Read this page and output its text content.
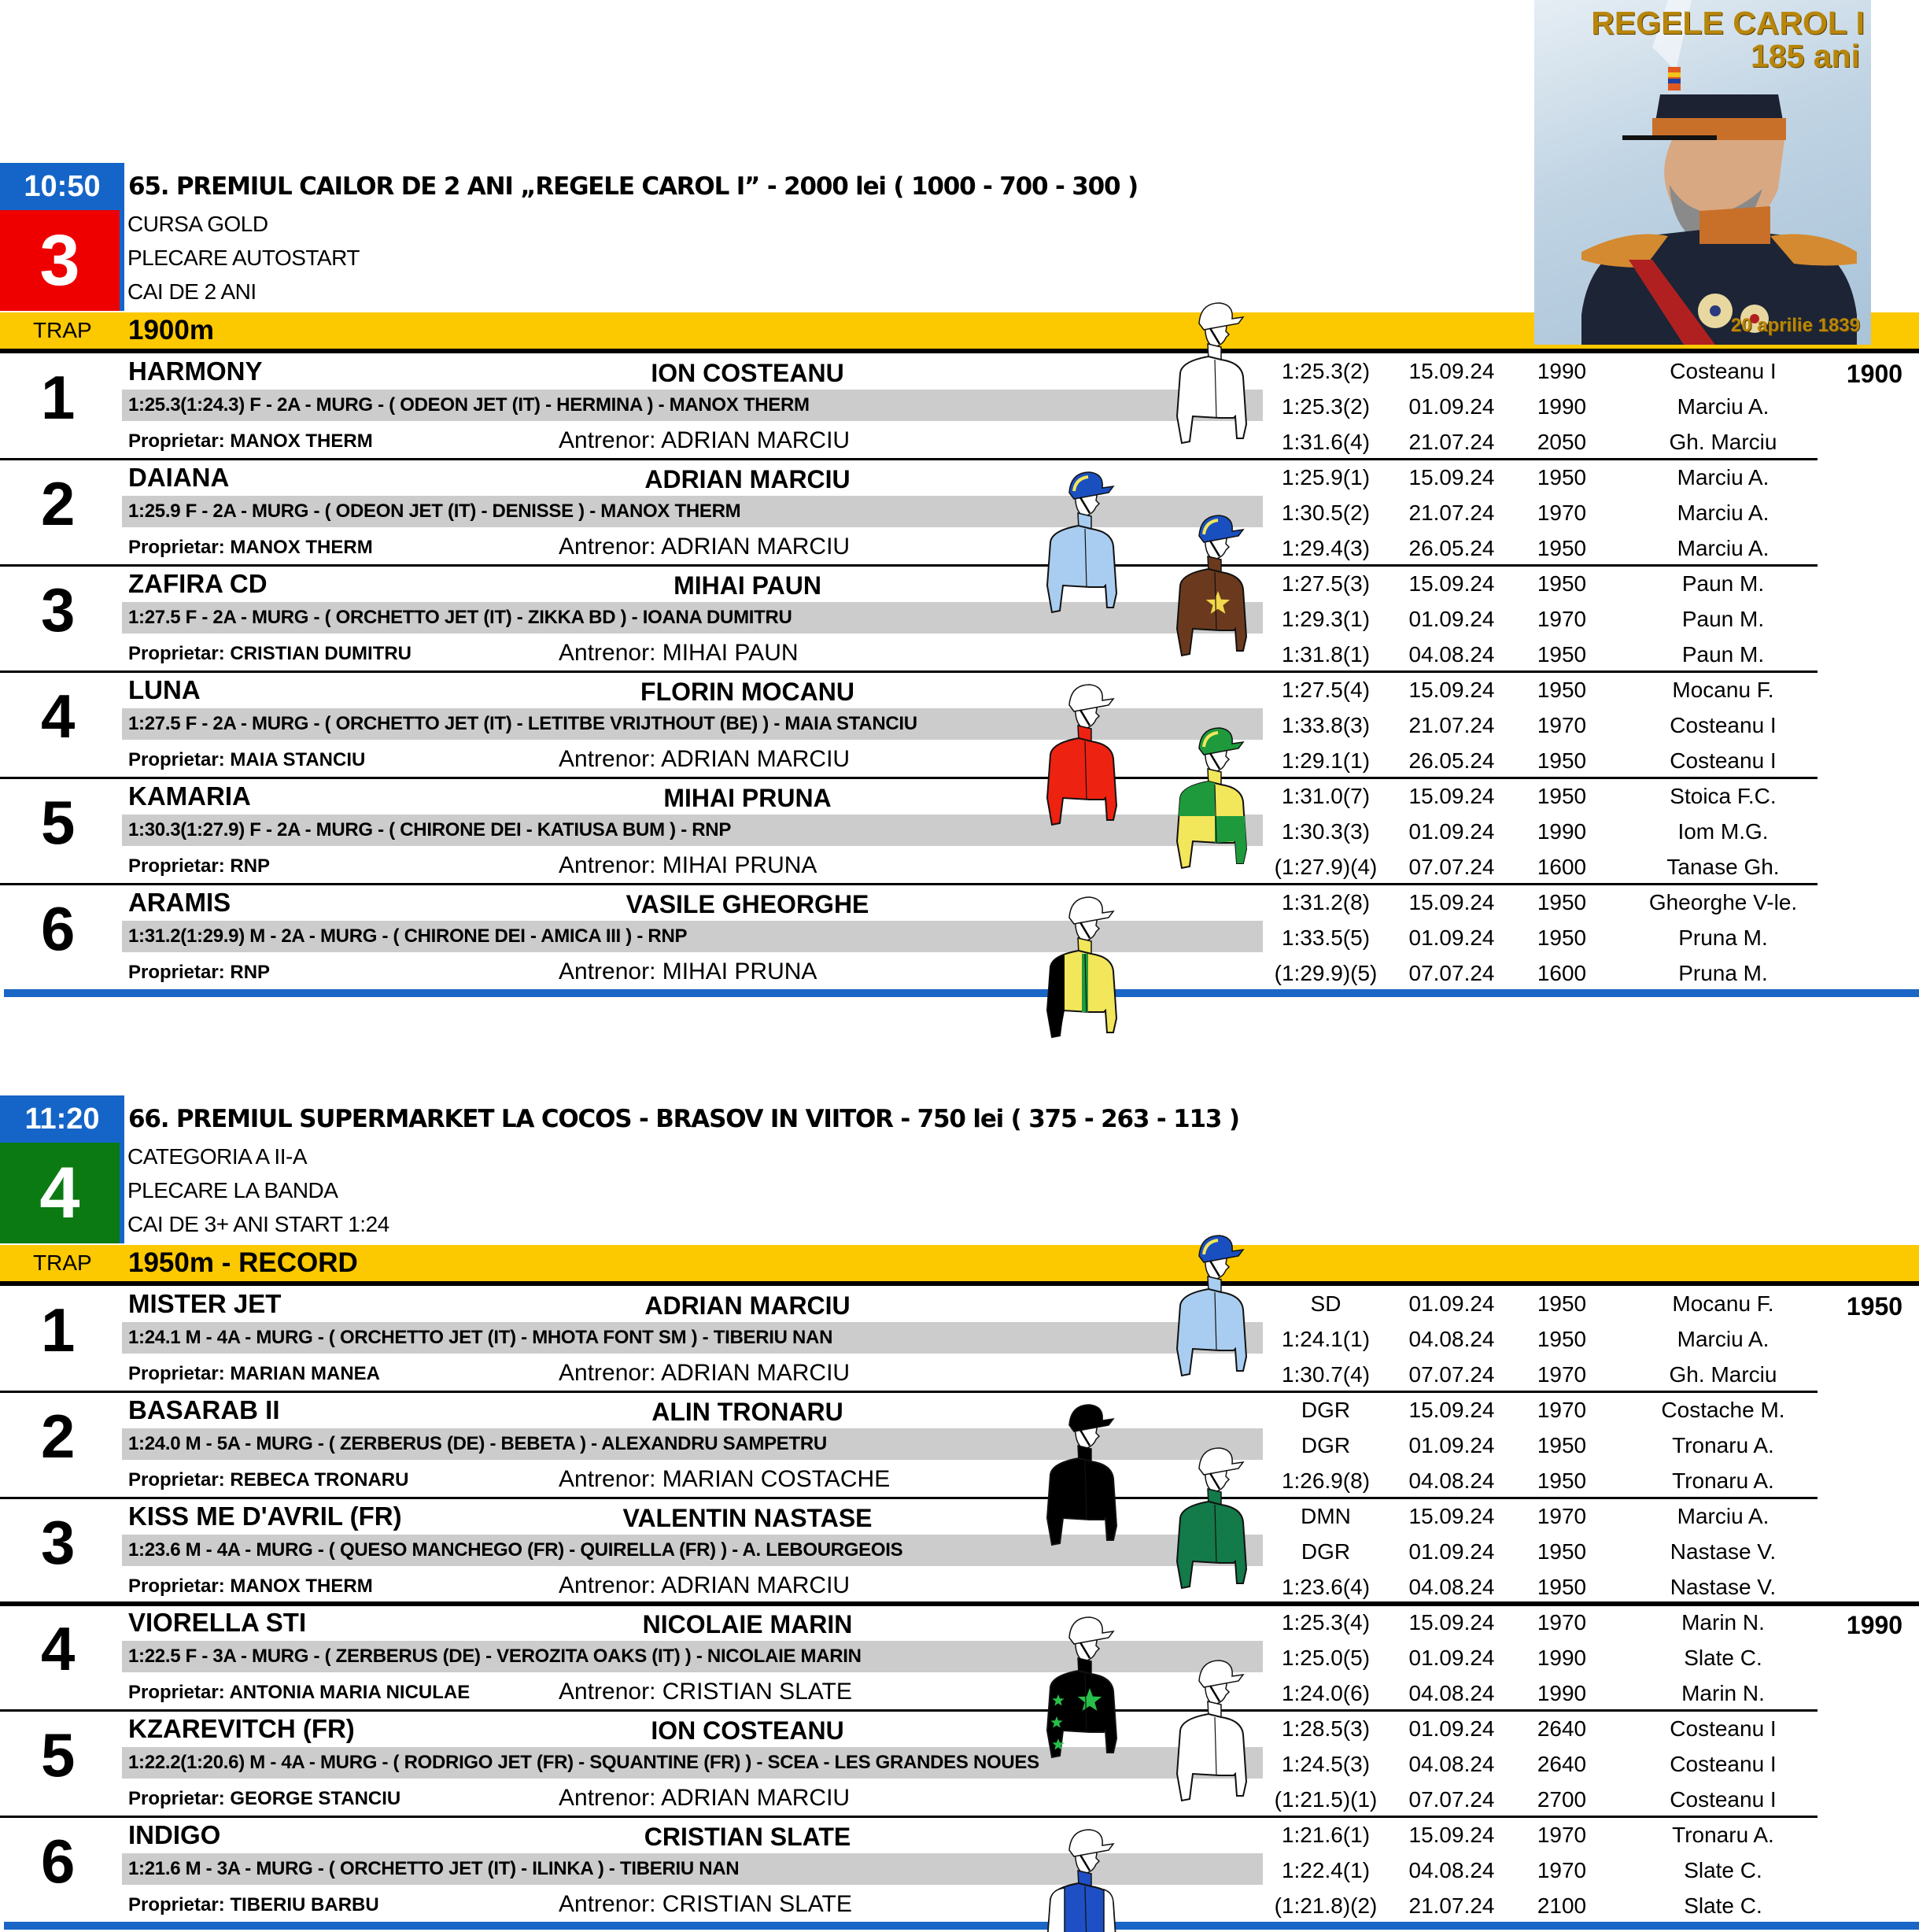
REGELE CAROL I
185 ani
20 aprilie 1839
10:50
3
65. PREMIUL CAILOR DE 2 ANI „REGELE CAROL I” - 2000 lei ( 1000 - 700 - 300 )
CURSA GOLD
PLECARE AUTOSTART
CAI DE 2 ANI
TRAP 1900m
1 HARMONY	ION COSTEANU
1:25.3(1:24.3) F - 2A - MURG - ( ODEON JET (IT) - HERMINA ) - MANOX THERM
Proprietar: MANOX THERM	Antrenor: ADRIAN MARCIU
1:25.3(2)	15.09.24	1990	Costeanu I
1:25.3(2)	01.09.24	1990	Marciu A.
1:31.6(4)	21.07.24	2050	Gh. Marciu
1900
2 DAIANA	ADRIAN MARCIU
1:25.9 F - 2A - MURG - ( ODEON JET (IT) - DENISSE ) - MANOX THERM
Proprietar: MANOX THERM	Antrenor: ADRIAN MARCIU
1:25.9(1)	15.09.24	1950	Marciu A.
1:30.5(2)	21.07.24	1970	Marciu A.
1:29.4(3)	26.05.24	1950	Marciu A.
3 ZAFIRA CD	MIHAI PAUN
1:27.5 F - 2A - MURG - ( ORCHETTO JET (IT) - ZIKKA BD ) - IOANA DUMITRU
Proprietar: CRISTIAN DUMITRU	Antrenor: MIHAI PAUN
1:27.5(3)	15.09.24	1950	Paun M.
1:29.3(1)	01.09.24	1970	Paun M.
1:31.8(1)	04.08.24	1950	Paun M.
4 LUNA	FLORIN MOCANU
1:27.5 F - 2A - MURG - ( ORCHETTO JET (IT) - LETITBE VRIJTHOUT (BE) ) - MAIA STANCIU
Proprietar: MAIA STANCIU	Antrenor: ADRIAN MARCIU
1:27.5(4)	15.09.24	1950	Mocanu F.
1:33.8(3)	21.07.24	1970	Costeanu I
1:29.1(1)	26.05.24	1950	Costeanu I
5 KAMARIA	MIHAI PRUNA
1:30.3(1:27.9) F - 2A - MURG - ( CHIRONE DEI - KATIUSA BUM ) - RNP
Proprietar: RNP	Antrenor: MIHAI PRUNA
1:31.0(7)	15.09.24	1950	Stoica F.C.
1:30.3(3)	01.09.24	1990	Iom M.G.
(1:27.9)(4)	07.07.24	1600	Tanase Gh.
6 ARAMIS	VASILE GHEORGHE
1:31.2(1:29.9) M - 2A - MURG - ( CHIRONE DEI - AMICA III ) - RNP
Proprietar: RNP	Antrenor: MIHAI PRUNA
1:31.2(8)	15.09.24	1950	Gheorghe V-le.
1:33.5(5)	01.09.24	1950	Pruna M.
(1:29.9)(5)	07.07.24	1600	Pruna M.
11:20
4
66. PREMIUL SUPERMARKET LA COCOS - BRASOV IN VIITOR - 750 lei ( 375 - 263 - 113 )
CATEGORIA A II-A
PLECARE LA BANDA
CAI DE 3+ ANI START 1:24
TRAP 1950m - RECORD
1 MISTER JET	ADRIAN MARCIU
1:24.1 M - 4A - MURG - ( ORCHETTO JET (IT) - MHOTA FONT SM ) - TIBERIU NAN
Proprietar: MARIAN MANEA	Antrenor: ADRIAN MARCIU
SD	01.09.24	1950	Mocanu F.
1:24.1(1)	04.08.24	1950	Marciu A.
1:30.7(4)	07.07.24	1970	Gh. Marciu
1950
2 BASARAB II	ALIN TRONARU
1:24.0 M - 5A - MURG - ( ZERBERUS (DE) - BEBETA ) - ALEXANDRU SAMPETRU
Proprietar: REBECA TRONARU	Antrenor: MARIAN COSTACHE
DGR	15.09.24	1970	Costache M.
DGR	01.09.24	1950	Tronaru A.
1:26.9(8)	04.08.24	1950	Tronaru A.
3 KISS ME D'AVRIL (FR)	VALENTIN NASTASE
1:23.6 M - 4A - MURG - ( QUESO MANCHEGO (FR) - QUIRELLA (FR) ) - A. LEBOURGEOIS
Proprietar: MANOX THERM	Antrenor: ADRIAN MARCIU
DMN	15.09.24	1970	Marciu A.
DGR	01.09.24	1950	Nastase V.
1:23.6(4)	04.08.24	1950	Nastase V.
4 VIORELLA STI	NICOLAIE MARIN
1:22.5 F - 3A - MURG - ( ZERBERUS (DE) - VEROZITA OAKS (IT) ) - NICOLAIE MARIN
Proprietar: ANTONIA MARIA NICULAE	Antrenor: CRISTIAN SLATE
1:25.3(4)	15.09.24	1970	Marin N.
1:25.0(5)	01.09.24	1990	Slate C.
1:24.0(6)	04.08.24	1990	Marin N.
1990
5 KZAREVITCH (FR)	ION COSTEANU
1:22.2(1:20.6) M - 4A - MURG - ( RODRIGO JET (FR) - SQUANTINE (FR) ) - SCEA - LES GRANDES NOUES
Proprietar: GEORGE STANCIU	Antrenor: ADRIAN MARCIU
1:28.5(3)	01.09.24	2640	Costeanu I
1:24.5(3)	04.08.24	2640	Costeanu I
(1:21.5)(1)	07.07.24	2700	Costeanu I
6 INDIGO	CRISTIAN SLATE
1:21.6 M - 3A - MURG - ( ORCHETTO JET (IT) - ILINKA ) - TIBERIU NAN
Proprietar: TIBERIU BARBU	Antrenor: CRISTIAN SLATE
1:21.6(1)	15.09.24	1970	Tronaru A.
1:22.4(1)	04.08.24	1970	Slate C.
(1:21.8)(2)	21.07.24	2100	Slate C.
